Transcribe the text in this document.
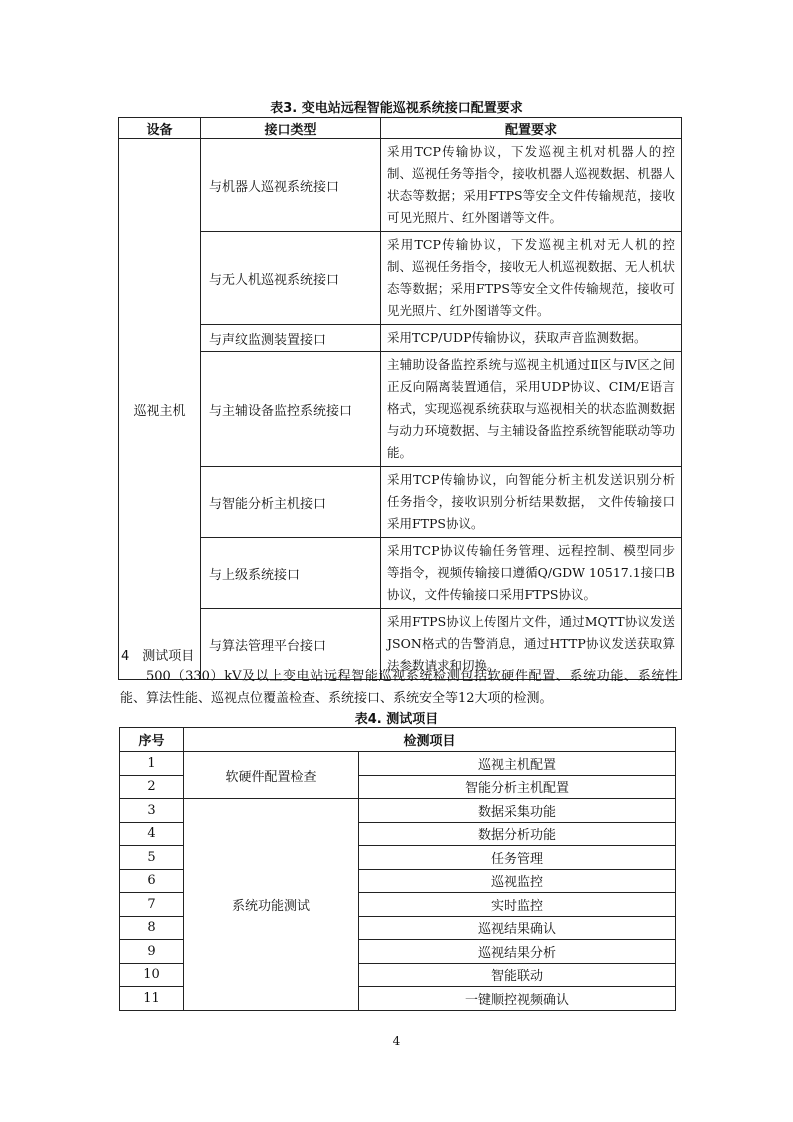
表3. 变电站远程智能巡视系统接口配置要求
设备	接口类型	配置要求
巡视主机	与机器人巡视系统接口	采用TCP传输协议，下发巡视主机对机器人的控制、巡视任务等指令，接收机器人巡视数据、机器人状态等数据；采用FTPS等安全文件传输规范，接收可见光照片、红外图谱等文件。
	与无人机巡视系统接口	采用TCP传输协议，下发巡视主机对无人机的控制、巡视任务指令，接收无人机巡视数据、无人机状态等数据；采用FTPS等安全文件传输规范，接收可见光照片、红外图谱等文件。
	与声纹监测装置接口	采用TCP/UDP传输协议，获取声音监测数据。
	与主辅设备监控系统接口	主辅助设备监控系统与巡视主机通过Ⅱ区与Ⅳ区之间正反向隔离装置通信，采用UDP协议、CIM/E语言格式，实现巡视系统获取与巡视相关的状态监测数据与动力环境数据、与主辅设备监控系统智能联动等功能。
	与智能分析主机接口	采用TCP传输协议，向智能分析主机发送识别分析任务指令，接收识别分析结果数据， 文件传输接口采用FTPS协议。
	与上级系统接口	采用TCP协议传输任务管理、远程控制、模型同步等指令，视频传输接口遵循Q/GDW 10517.1接口B协议，文件传输接口采用FTPS协议。
	与算法管理平台接口	采用FTPS协议上传图片文件，通过MQTT协议发送JSON格式的告警消息，通过HTTP协议发送获取算法参数请求和切换。
4　测试项目
500（330）kV及以上变电站远程智能巡视系统检测包括软硬件配置、系统功能、系统性能、算法性能、巡视点位覆盖检查、系统接口、系统安全等12大项的检测。
表4. 测试项目
序号	检测项目	
1	软硬件配置检查	巡视主机配置
2		智能分析主机配置
3	系统功能测试	数据采集功能
4		数据分析功能
5		任务管理
6		巡视监控
7		实时监控
8		巡视结果确认
9		巡视结果分析
10		智能联动
11		一键顺控视频确认
4
